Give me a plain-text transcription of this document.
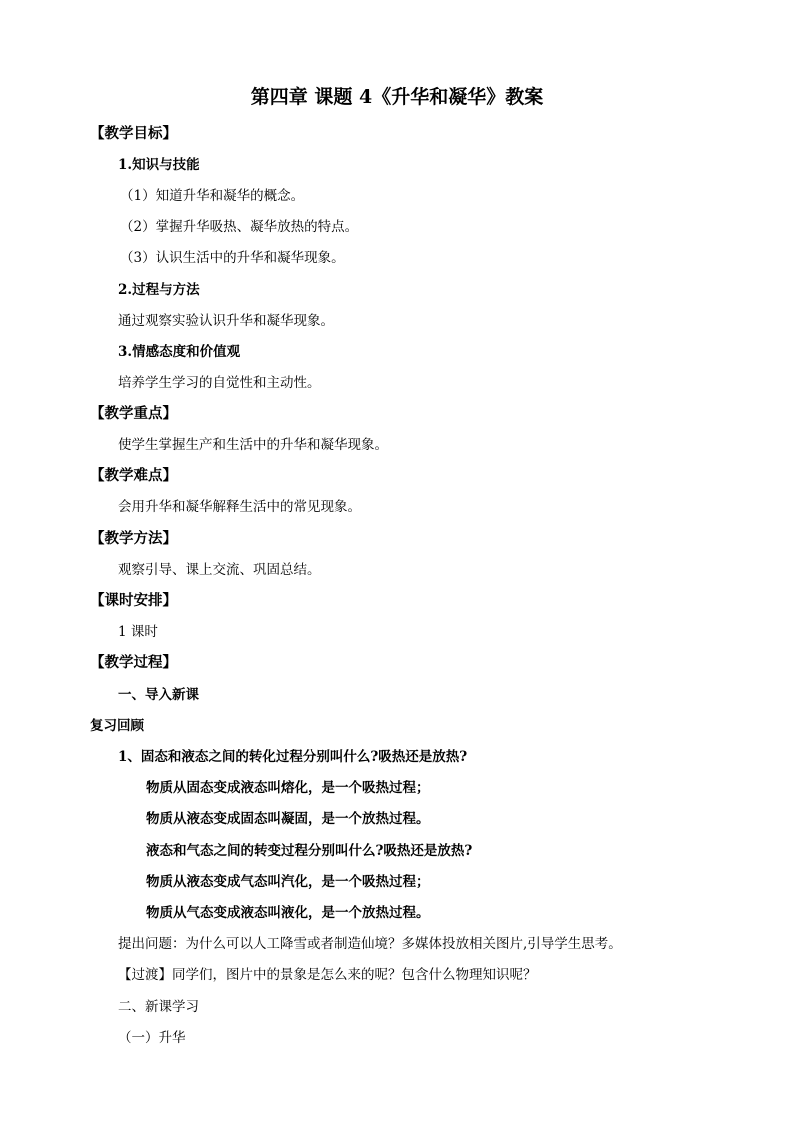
第四章 课题 4《升华和凝华》教案
【教学目标】
1.知识与技能
（1）知道升华和凝华的概念。
（2）掌握升华吸热、凝华放热的特点。
（3）认识生活中的升华和凝华现象。
2.过程与方法
通过观察实验认识升华和凝华现象。
3.情感态度和价值观
培养学生学习的自觉性和主动性。
【教学重点】
使学生掌握生产和生活中的升华和凝华现象。
【教学难点】
会用升华和凝华解释生活中的常见现象。
【教学方法】
观察引导、课上交流、巩固总结。
【课时安排】
1 课时
【教学过程】
一、导入新课
复习回顾
1、固态和液态之间的转化过程分别叫什么?吸热还是放热?
物质从固态变成液态叫熔化，是一个吸热过程；
物质从液态变成固态叫凝固，是一个放热过程。
液态和气态之间的转变过程分别叫什么?吸热还是放热?
物质从液态变成气态叫汽化，是一个吸热过程；
物质从气态变成液态叫液化，是一个放热过程。
提出问题：为什么可以人工降雪或者制造仙境？多媒体投放相关图片,引导学生思考。
【过渡】同学们，图片中的景象是怎么来的呢？包含什么物理知识呢？
二、新课学习
（一）升华
